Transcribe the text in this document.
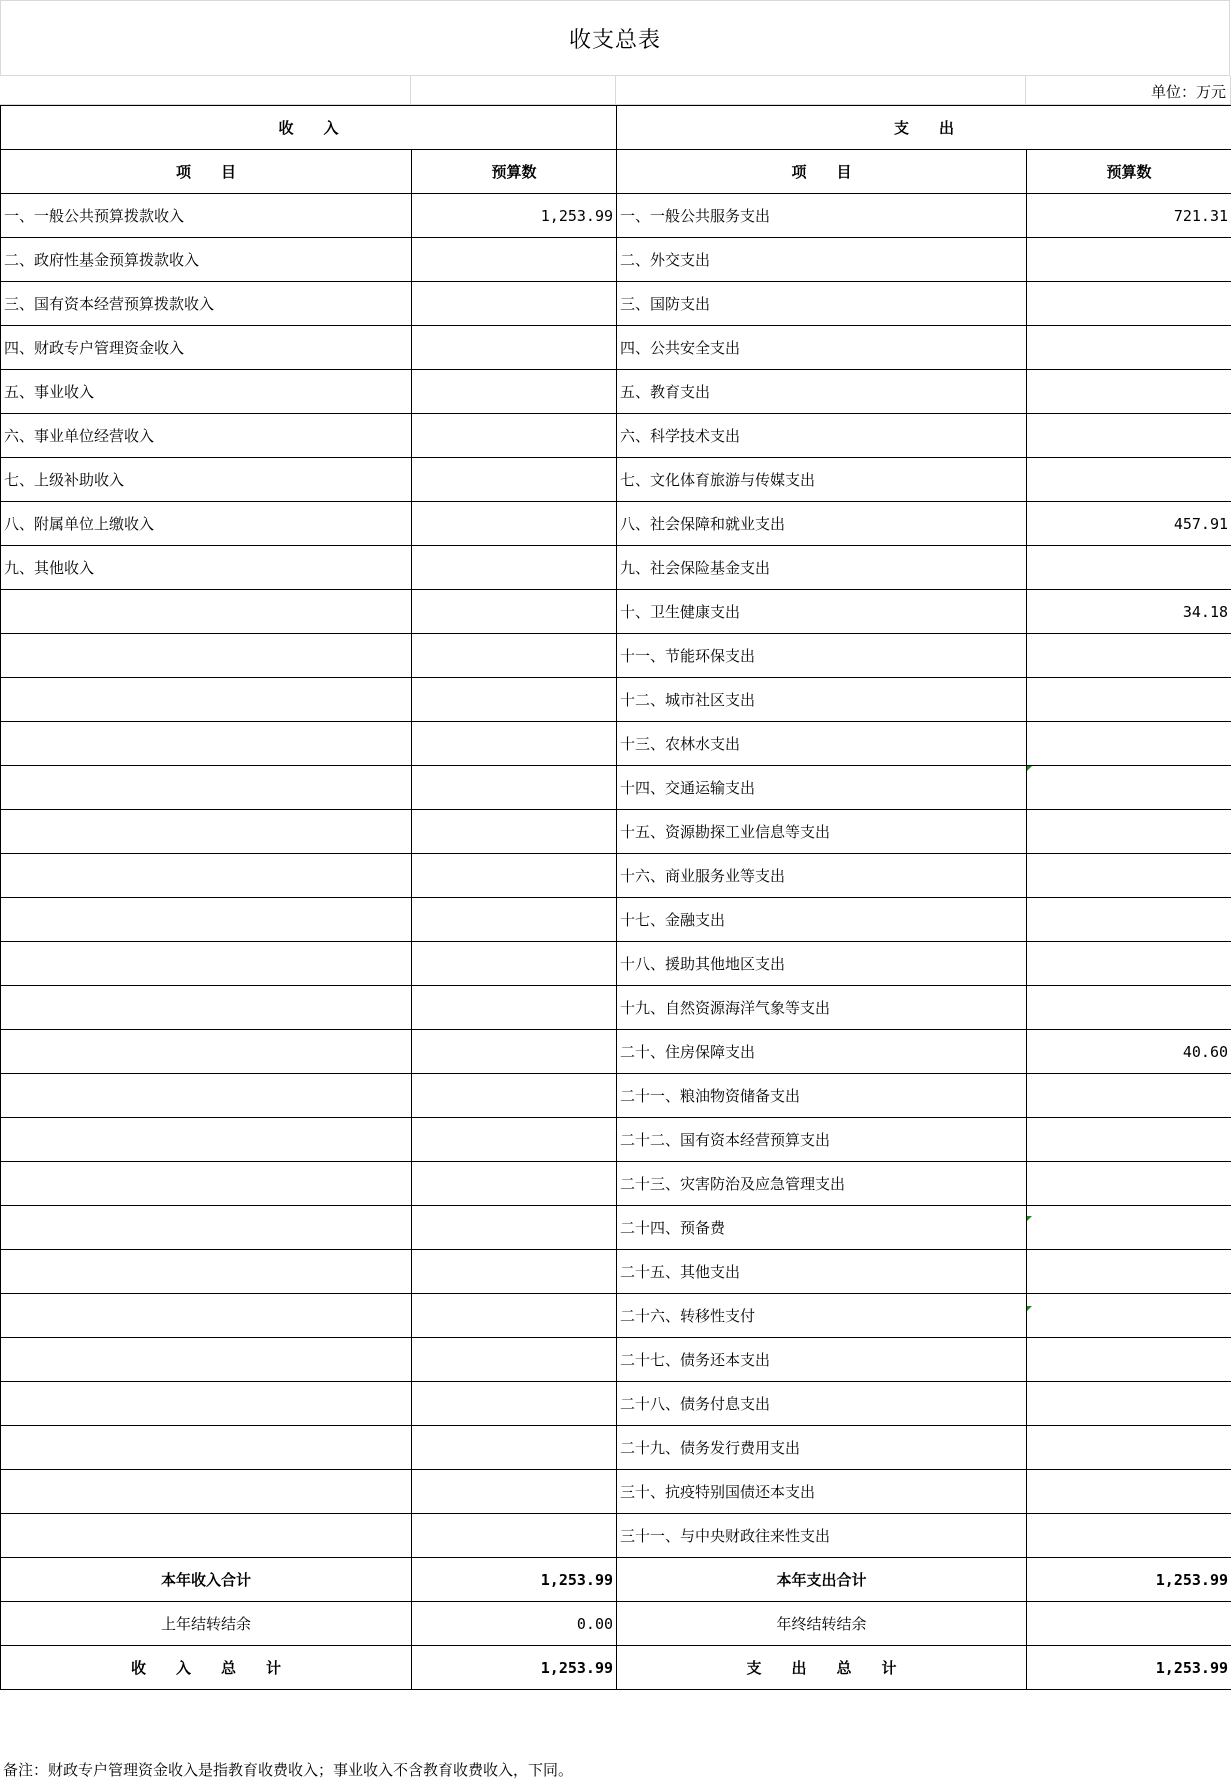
收支总表
单位：万元
收　　入		支　　出	
项　　目	预算数	项　　目	预算数
一、一般公共预算拨款收入	1,253.99	一、一般公共服务支出	721.31
二、政府性基金预算拨款收入		二、外交支出	
三、国有资本经营预算拨款收入		三、国防支出	
四、财政专户管理资金收入		四、公共安全支出	
五、事业收入		五、教育支出	
六、事业单位经营收入		六、科学技术支出	
七、上级补助收入		七、文化体育旅游与传媒支出	
八、附属单位上缴收入		八、社会保障和就业支出	457.91
九、其他收入		九、社会保险基金支出	
		十、卫生健康支出	34.18
		十一、节能环保支出	
		十二、城市社区支出	
		十三、农林水支出	
		十四、交通运输支出	
		十五、资源勘探工业信息等支出	
		十六、商业服务业等支出	
		十七、金融支出	
		十八、援助其他地区支出	
		十九、自然资源海洋气象等支出	
		二十、住房保障支出	40.60
		二十一、粮油物资储备支出	
		二十二、国有资本经营预算支出	
		二十三、灾害防治及应急管理支出	
		二十四、预备费	
		二十五、其他支出	
		二十六、转移性支付	
		二十七、债务还本支出	
		二十八、债务付息支出	
		二十九、债务发行费用支出	
		三十、抗疫特别国债还本支出	
		三十一、与中央财政往来性支出	
本年收入合计	1,253.99	本年支出合计	1,253.99
上年结转结余	0.00	年终结转结余	
收　　入　　总　　计	1,253.99	支　　出　　总　　计	1,253.99
备注：财政专户管理资金收入是指教育收费收入；事业收入不含教育收费收入，下同。
